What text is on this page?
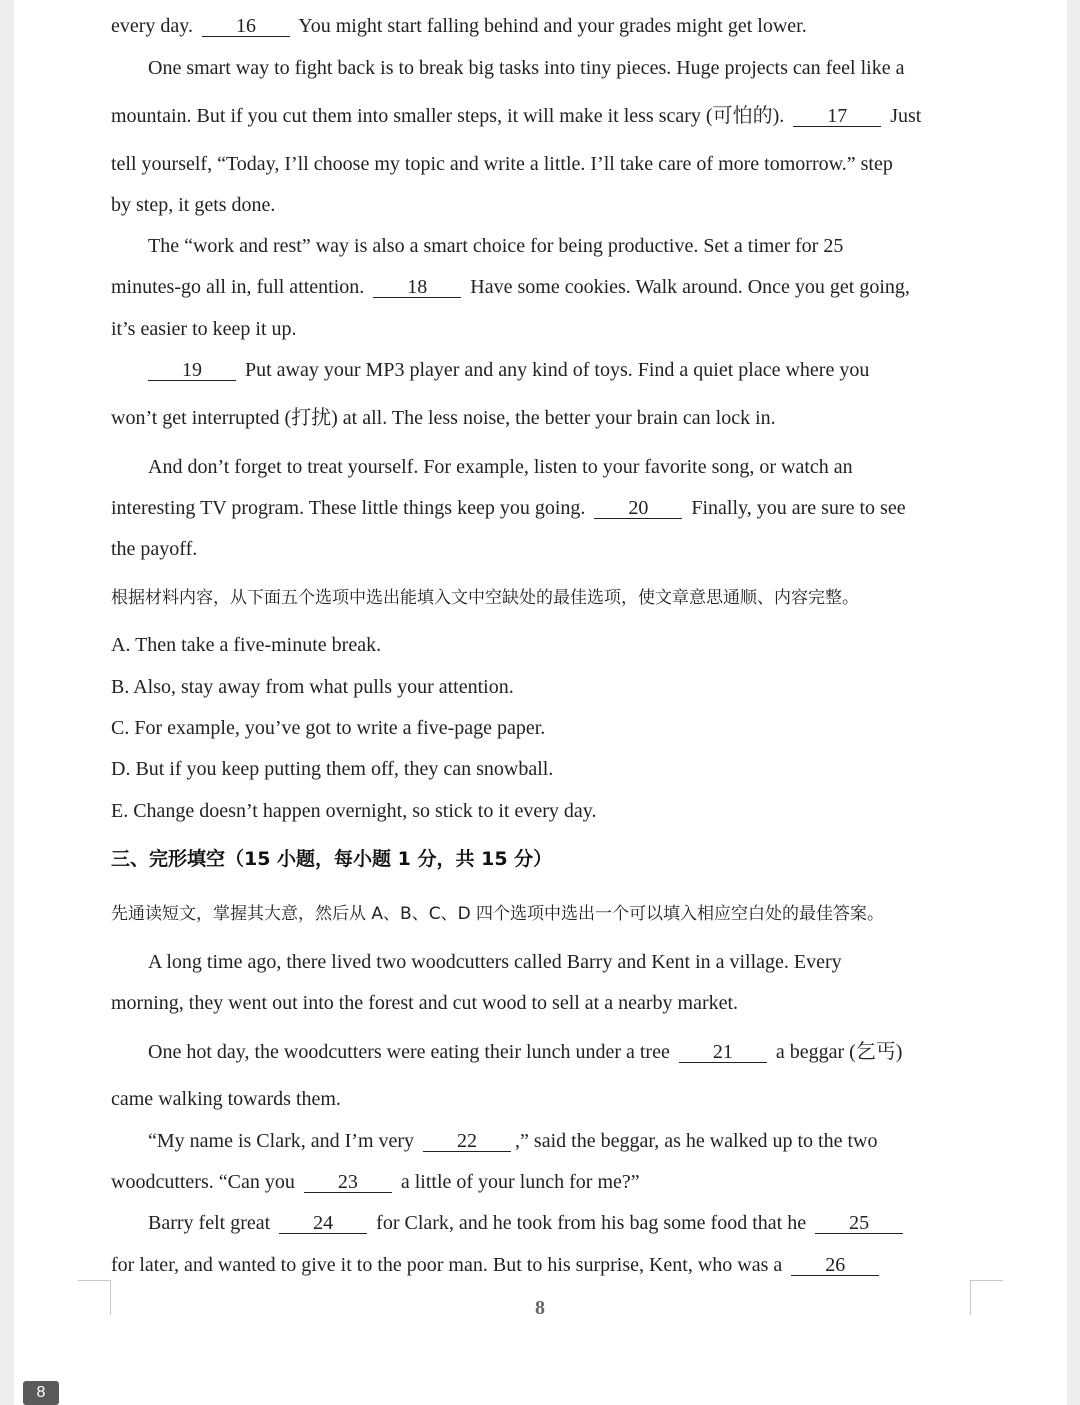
every day. 16 You might start falling behind and your grades might get lower.

One smart way to fight back is to break big tasks into tiny pieces. Huge projects can feel like a

mountain. But if you cut them into smaller steps, it will make it less scary (可怕的). 17 Just

tell yourself, “Today, I’ll choose my topic and write a little. I’ll take care of more tomorrow.” step

by step, it gets done.

The “work and rest” way is also a smart choice for being productive. Set a timer for 25

minutes-go all in, full attention. 18 Have some cookies. Walk around. Once you get going,

it’s easier to keep it up.

19 Put away your MP3 player and any kind of toys. Find a quiet place where you

won’t get interrupted (打扰) at all. The less noise, the better your brain can lock in.

And don’t forget to treat yourself. For example, listen to your favorite song, or watch an

interesting TV program. These little things keep you going. 20 Finally, you are sure to see

the payoff.

根据材料内容，从下面五个选项中选出能填入文中空缺处的最佳选项，使文章意思通顺、内容完整。

A. Then take a five-minute break.

B. Also, stay away from what pulls your attention.

C. For example, you’ve got to write a five-page paper.

D. But if you keep putting them off, they can snowball.

E. Change doesn’t happen overnight, so stick to it every day.

三、完形填空（15 小题，每小题 1 分，共 15 分）

先通读短文，掌握其大意，然后从 A、B、C、D 四个选项中选出一个可以填入相应空白处的最佳答案。

A long time ago, there lived two woodcutters called Barry and Kent in a village. Every

morning, they went out into the forest and cut wood to sell at a nearby market.

One hot day, the woodcutters were eating their lunch under a tree 21 a beggar (乞丐)

came walking towards them.

“My name is Clark, and I’m very 22 ,” said the beggar, as he walked up to the two

woodcutters. “Can you 23 a little of your lunch for me?”

Barry felt great 24 for Clark, and he took from his bag some food that he 25

for later, and wanted to give it to the poor man. But to his surprise, Kent, who was a 26

8
8
